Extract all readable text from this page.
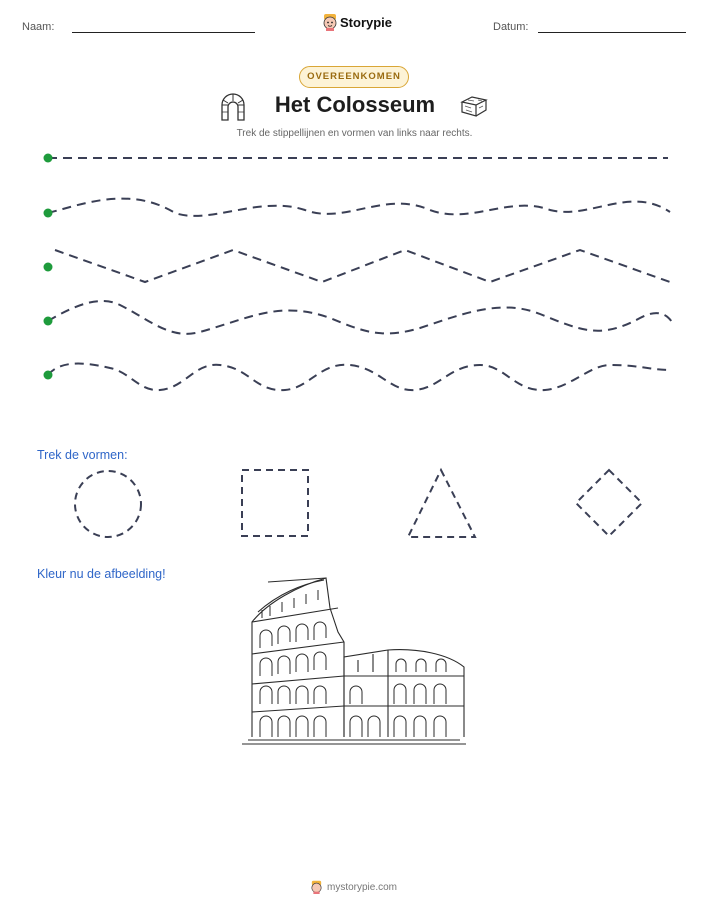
Naam:	Storypie	Datum:
OVEREENKOMEN
Het Colosseum
Trek de stippellijnen en vormen van links naar rechts.
Trek de vormen:
Kleur nu de afbeelding!
mystorypie.com
